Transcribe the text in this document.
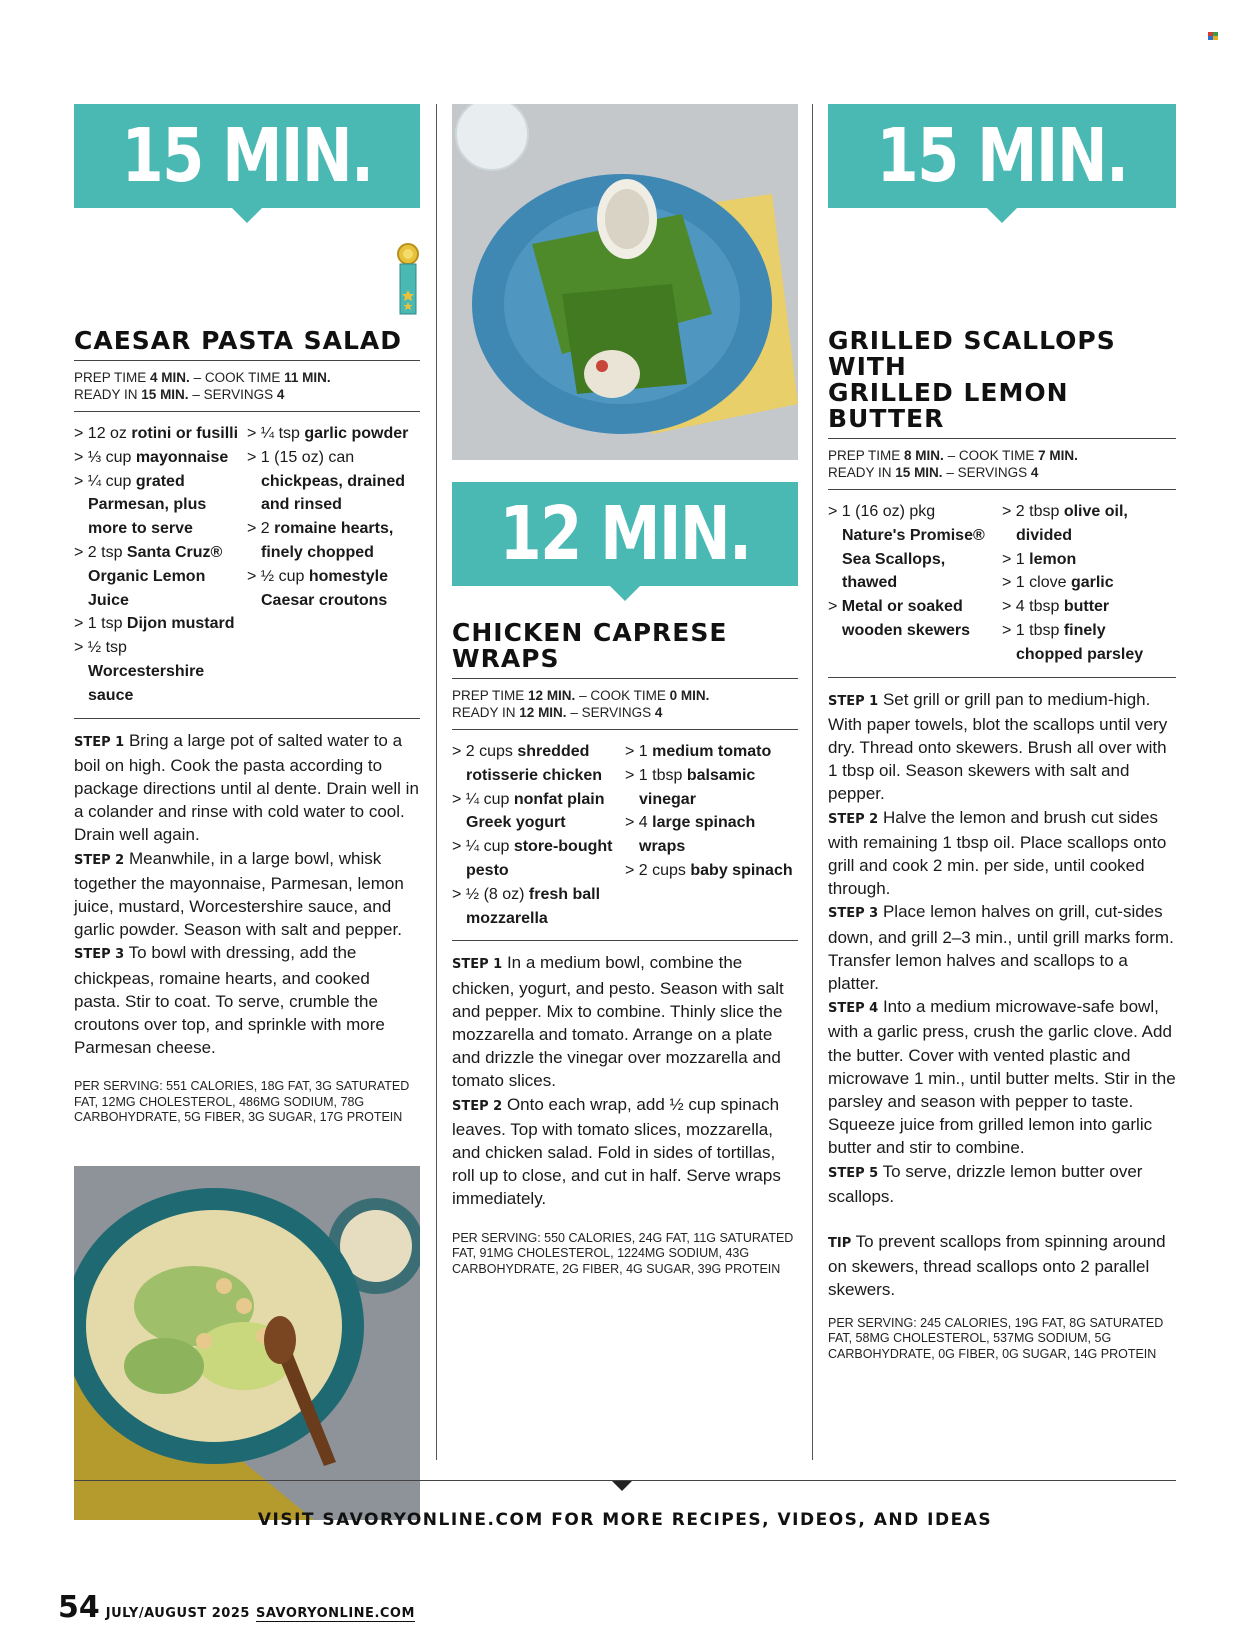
15 MIN.
CAESAR PASTA SALAD
PREP TIME 4 MIN. – COOK TIME 11 MIN.
READY IN 15 MIN. – SERVINGS 4
> 12 oz rotini or fusilli
> ⅓ cup mayonnaise
> ¼ cup grated Parmesan, plus more to serve
> 2 tsp Santa Cruz® Organic Lemon Juice
> 1 tsp Dijon mustard
> ½ tsp Worcestershire sauce
> ¼ tsp garlic powder
> 1 (15 oz) can chickpeas, drained and rinsed
> 2 romaine hearts, finely chopped
> ½ cup homestyle Caesar croutons
STEP 1 Bring a large pot of salted water to a boil on high. Cook the pasta according to package directions until al dente. Drain well in a colander and rinse with cold water to cool. Drain well again.
STEP 2 Meanwhile, in a large bowl, whisk together the mayonnaise, Parmesan, lemon juice, mustard, Worcestershire sauce, and garlic powder. Season with salt and pepper.
STEP 3 To bowl with dressing, add the chickpeas, romaine hearts, and cooked pasta. Stir to coat. To serve, crumble the croutons over top, and sprinkle with more Parmesan cheese.
PER SERVING: 551 CALORIES, 18G FAT, 3G SATURATED FAT, 12MG CHOLESTEROL, 486MG SODIUM, 78G CARBOHYDRATE, 5G FIBER, 3G SUGAR, 17G PROTEIN
12 MIN.
CHICKEN CAPRESE WRAPS
PREP TIME 12 MIN. – COOK TIME 0 MIN.
READY IN 12 MIN. – SERVINGS 4
> 2 cups shredded rotisserie chicken
> ¼ cup nonfat plain Greek yogurt
> ¼ cup store-bought pesto
> ½ (8 oz) fresh ball mozzarella
> 1 medium tomato
> 1 tbsp balsamic vinegar
> 4 large spinach wraps
> 2 cups baby spinach
STEP 1 In a medium bowl, combine the chicken, yogurt, and pesto. Season with salt and pepper. Mix to combine. Thinly slice the mozzarella and tomato. Arrange on a plate and drizzle the vinegar over mozzarella and tomato slices.
STEP 2 Onto each wrap, add ½ cup spinach leaves. Top with tomato slices, mozzarella, and chicken salad. Fold in sides of tortillas, roll up to close, and cut in half. Serve wraps immediately.
PER SERVING: 550 CALORIES, 24G FAT, 11G SATURATED FAT, 91MG CHOLESTEROL, 1224MG SODIUM, 43G CARBOHYDRATE, 2G FIBER, 4G SUGAR, 39G PROTEIN
15 MIN.
GRILLED SCALLOPS WITH
GRILLED LEMON BUTTER
PREP TIME 8 MIN. – COOK TIME 7 MIN.
READY IN 15 MIN. – SERVINGS 4
> 1 (16 oz) pkg Nature's Promise® Sea Scallops, thawed
> Metal or soaked wooden skewers
> 2 tbsp olive oil, divided
> 1 lemon
> 1 clove garlic
> 4 tbsp butter
> 1 tbsp finely chopped parsley
STEP 1 Set grill or grill pan to medium-high. With paper towels, blot the scallops until very dry. Thread onto skewers. Brush all over with 1 tbsp oil. Season skewers with salt and pepper.
STEP 2 Halve the lemon and brush cut sides with remaining 1 tbsp oil. Place scallops onto grill and cook 2 min. per side, until cooked through.
STEP 3 Place lemon halves on grill, cut-sides down, and grill 2–3 min., until grill marks form. Transfer lemon halves and scallops to a platter.
STEP 4 Into a medium microwave-safe bowl, with a garlic press, crush the garlic clove. Add the butter. Cover with vented plastic and microwave 1 min., until butter melts. Stir in the parsley and season with pepper to taste. Squeeze juice from grilled lemon into garlic butter and stir to combine.
STEP 5 To serve, drizzle lemon butter over scallops.
TIP To prevent scallops from spinning around on skewers, thread scallops onto 2 parallel skewers.
PER SERVING: 245 CALORIES, 19G FAT, 8G SATURATED FAT, 58MG CHOLESTEROL, 537MG SODIUM, 5G CARBOHYDRATE, 0G FIBER, 0G SUGAR, 14G PROTEIN
VISIT SAVORYONLINE.COM FOR MORE RECIPES, VIDEOS, AND IDEAS
54 JULY/AUGUST 2025 SAVORYONLINE.COM
